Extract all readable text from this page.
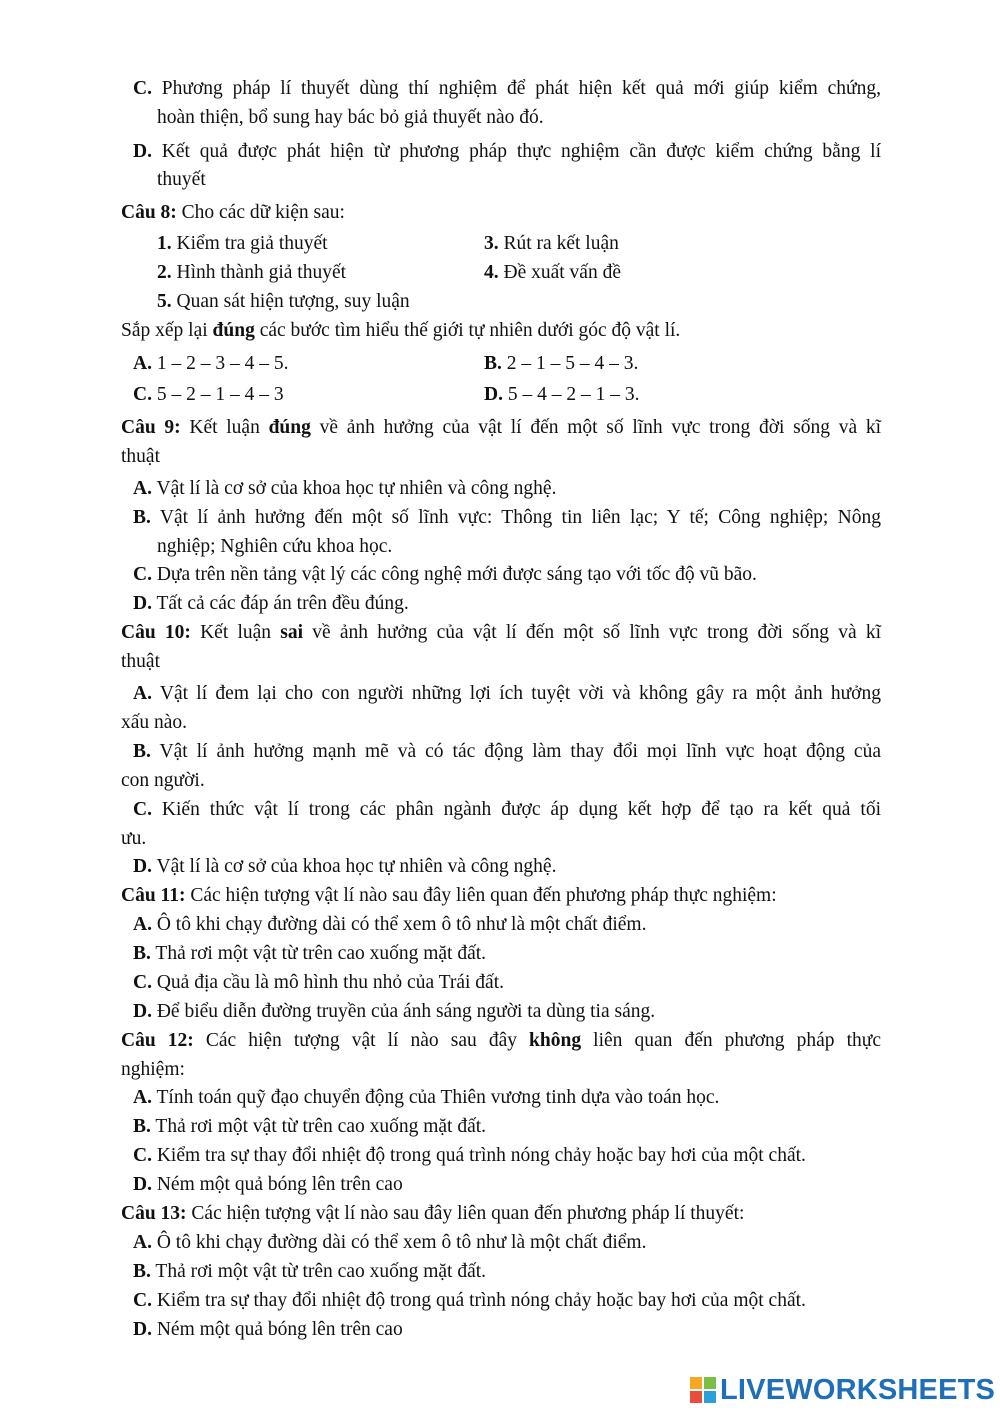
C. Phương pháp lí thuyết dùng thí nghiệm để phát hiện kết quả mới giúp kiểm chứng,
hoàn thiện, bổ sung hay bác bỏ giả thuyết nào đó.
D. Kết quả được phát hiện từ phương pháp thực nghiệm cần được kiểm chứng bằng lí
thuyết
Câu 8: Cho các dữ kiện sau:
1. Kiểm tra giả thuyết	3. Rút ra kết luận
2. Hình thành giả thuyết	4. Đề xuất vấn đề
5. Quan sát hiện tượng, suy luận
Sắp xếp lại đúng các bước tìm hiểu thế giới tự nhiên dưới góc độ vật lí.
A. 1 – 2 – 3 – 4 – 5.	B. 2 – 1 – 5 – 4 – 3.
C. 5 – 2 – 1 – 4 – 3	D. 5 – 4 – 2 – 1 – 3.
Câu 9: Kết luận đúng về ảnh hưởng của vật lí đến một số lĩnh vực trong đời sống và kĩ
thuật
A. Vật lí là cơ sở của khoa học tự nhiên và công nghệ.
B. Vật lí ảnh hưởng đến một số lĩnh vực: Thông tin liên lạc; Y tế; Công nghiệp; Nông
nghiệp; Nghiên cứu khoa học.
C. Dựa trên nền tảng vật lý các công nghệ mới được sáng tạo với tốc độ vũ bão.
D. Tất cả các đáp án trên đều đúng.
Câu 10: Kết luận sai về ảnh hưởng của vật lí đến một số lĩnh vực trong đời sống và kĩ
thuật
A. Vật lí đem lại cho con người những lợi ích tuyệt vời và không gây ra một ảnh hưởng
xấu nào.
B. Vật lí ảnh hưởng mạnh mẽ và có tác động làm thay đổi mọi lĩnh vực hoạt động của
con người.
C. Kiến thức vật lí trong các phân ngành được áp dụng kết hợp để tạo ra kết quả tối
ưu.
D. Vật lí là cơ sở của khoa học tự nhiên và công nghệ.
Câu 11: Các hiện tượng vật lí nào sau đây liên quan đến phương pháp thực nghiệm:
A. Ô tô khi chạy đường dài có thể xem ô tô như là một chất điểm.
B. Thả rơi một vật từ trên cao xuống mặt đất.
C. Quả địa cầu là mô hình thu nhỏ của Trái đất.
D. Để biểu diễn đường truyền của ánh sáng người ta dùng tia sáng.
Câu 12: Các hiện tượng vật lí nào sau đây không liên quan đến phương pháp thực
nghiệm:
A. Tính toán quỹ đạo chuyển động của Thiên vương tinh dựa vào toán học.
B. Thả rơi một vật từ trên cao xuống mặt đất.
C. Kiểm tra sự thay đổi nhiệt độ trong quá trình nóng chảy hoặc bay hơi của một chất.
D. Ném một quả bóng lên trên cao
Câu 13: Các hiện tượng vật lí nào sau đây liên quan đến phương pháp lí thuyết:
A. Ô tô khi chạy đường dài có thể xem ô tô như là một chất điểm.
B. Thả rơi một vật từ trên cao xuống mặt đất.
C. Kiểm tra sự thay đổi nhiệt độ trong quá trình nóng chảy hoặc bay hơi của một chất.
D. Ném một quả bóng lên trên cao
LIVEWORKSHEETS
